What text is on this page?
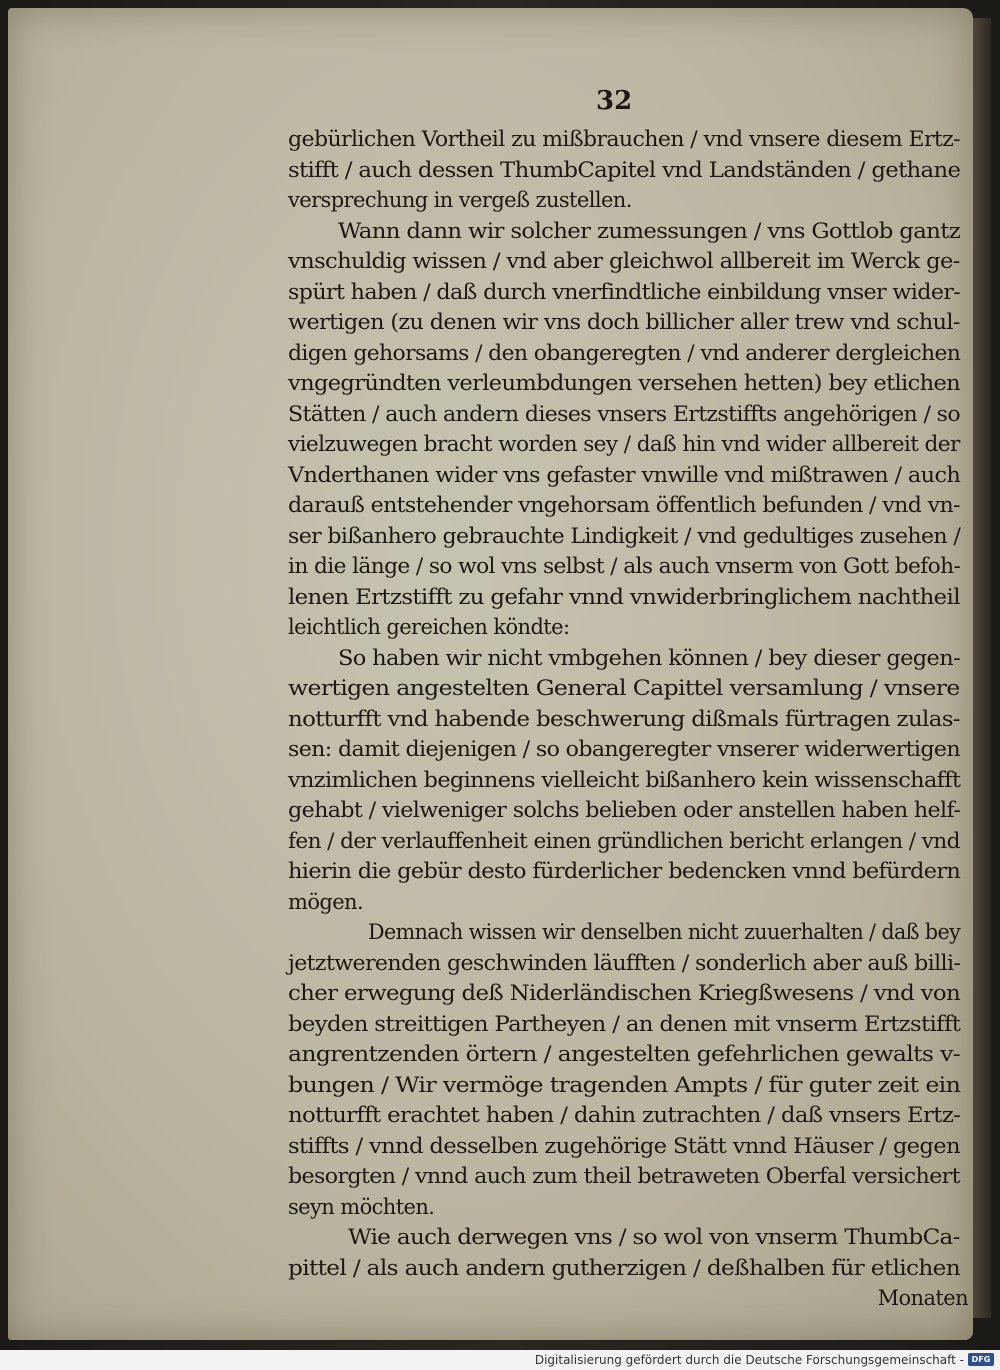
32
gebürlichen Vortheil zu mißbrauchen / vnd vnsere diesem Ertz-
stifft / auch dessen ThumbCapitel vnd Landständen / gethane
versprechung in vergeß zustellen.
Wann dann wir solcher zumessungen / vns Gottlob gantz
vnschuldig wissen / vnd aber gleichwol allbereit im Werck ge-
spürt haben / daß durch vnerfindtliche einbildung vnser wider-
wertigen (zu denen wir vns doch billicher aller trew vnd schul-
digen gehorsams / den obangeregten / vnd anderer dergleichen
vngegründten verleumbdungen versehen hetten) bey etlichen
Stätten / auch andern dieses vnsers Ertzstiffts angehörigen / so
vielzuwegen bracht worden sey / daß hin vnd wider allbereit der
Vnderthanen wider vns gefaster vnwille vnd mißtrawen / auch
darauß entstehender vngehorsam öffentlich befunden / vnd vn-
ser bißanhero gebrauchte Lindigkeit / vnd gedultiges zusehen /
in die länge / so wol vns selbst / als auch vnserm von Gott befoh-
lenen Ertzstifft zu gefahr vnnd vnwiderbringlichem nachtheil
leichtlich gereichen köndte:
So haben wir nicht vmbgehen können / bey dieser gegen-
wertigen angestelten General Capittel versamlung / vnsere
notturfft vnd habende beschwerung dißmals fürtragen zulas-
sen: damit diejenigen / so obangeregter vnserer widerwertigen
vnzimlichen beginnens vielleicht bißanhero kein wissenschafft
gehabt / vielweniger solchs belieben oder anstellen haben helf-
fen / der verlauffenheit einen gründlichen bericht erlangen / vnd
hierin die gebür desto fürderlicher bedencken vnnd befürdern
mögen.
Demnach wissen wir denselben nicht zuuerhalten / daß bey
jetztwerenden geschwinden läufften / sonderlich aber auß billi-
cher erwegung deß Niderländischen Kriegßwesens / vnd von
beyden streittigen Partheyen / an denen mit vnserm Ertzstifft
angrentzenden örtern / angestelten gefehrlichen gewalts v-
bungen / Wir vermöge tragenden Ampts / für guter zeit ein
notturfft erachtet haben / dahin zutrachten / daß vnsers Ertz-
stiffts / vnnd desselben zugehörige Stätt vnnd Häuser / gegen
besorgten / vnnd auch zum theil betraweten Oberfal versichert
seyn möchten.
Wie auch derwegen vns / so wol von vnserm ThumbCa-
pittel / als auch andern gutherzigen / deßhalben für etlichen
Monaten
Digitalisierung gefördert durch die Deutsche Forschungsgemeinschaft - DFG
